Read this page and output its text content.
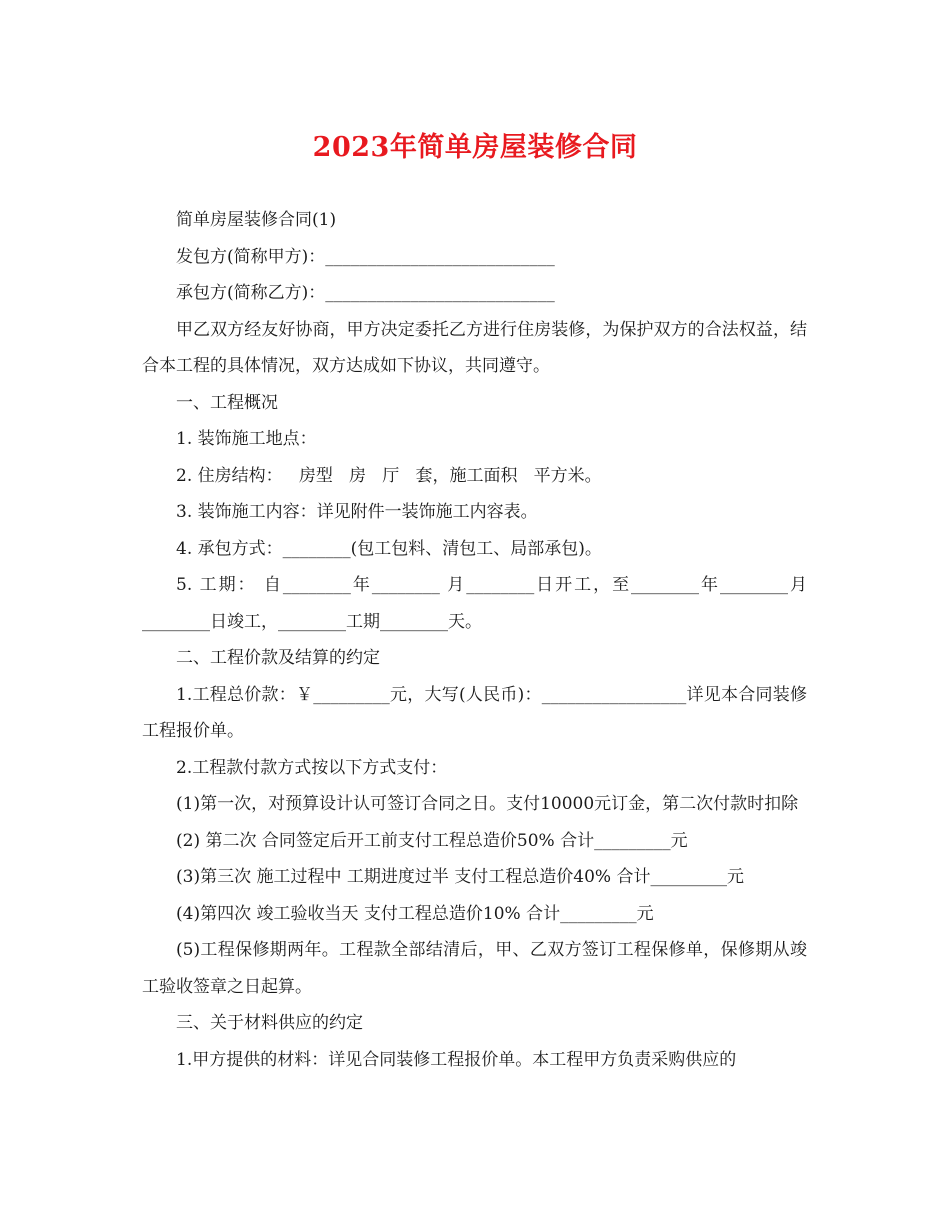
2023年简单房屋装修合同

简单房屋装修合同(1)

发包方(简称甲方)：___________________________

承包方(简称乙方)：___________________________

甲乙双方经友好协商，甲方决定委托乙方进行住房装修，为保护双方的合法权益，结合本工程的具体情况，双方达成如下协议，共同遵守。

一、工程概况

1. 装饰施工地点：

2. 住房结构：   房型   房   厅   套，施工面积   平方米。

3. 装饰施工内容：详见附件一装饰施工内容表。

4. 承包方式：________(包工包料、清包工、局部承包)。

5. 工期： 自________年________ 月________日开工，至________年________月________日竣工，________工期________天。

二、工程价款及结算的约定

1.工程总价款：￥_________元，大写(人民币)：_________________详见本合同装修工程报价单。

2.工程款付款方式按以下方式支付：

(1)第一次，对预算设计认可签订合同之日。支付10000元订金，第二次付款时扣除

(2) 第二次 合同签定后开工前支付工程总造价50% 合计_________元

(3)第三次 施工过程中 工期进度过半 支付工程总造价40% 合计_________元

(4)第四次 竣工验收当天 支付工程总造价10% 合计_________元

(5)工程保修期两年。工程款全部结清后，甲、乙双方签订工程保修单，保修期从竣工验收签章之日起算。

三、关于材料供应的约定

1.甲方提供的材料：详见合同装修工程报价单。本工程甲方负责采购供应的
